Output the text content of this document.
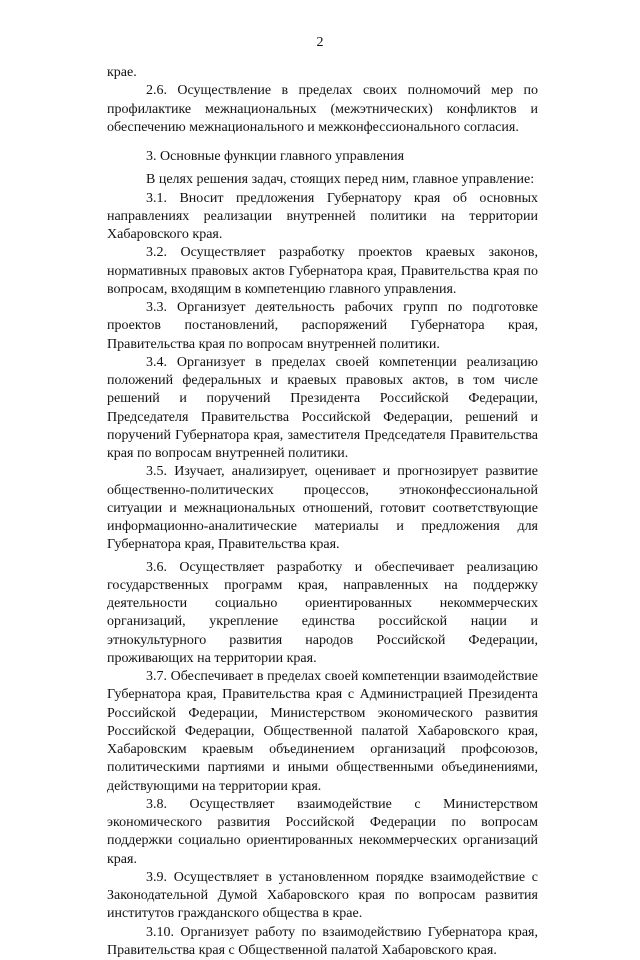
2

крае.

2.6. Осуществление в пределах своих полномочий мер по профилактике межнациональных (межэтнических) конфликтов и обеспечению межнационального и межконфессионального согласия.

3. Основные функции главного управления

В целях решения задач, стоящих перед ним, главное управление:

3.1. Вносит предложения Губернатору края об основных направлениях реализации внутренней политики на территории Хабаровского края.

3.2. Осуществляет разработку проектов краевых законов, нормативных правовых актов Губернатора края, Правительства края по вопросам, входящим в компетенцию главного управления.

3.3. Организует деятельность рабочих групп по подготовке проектов постановлений, распоряжений Губернатора края, Правительства края по вопросам внутренней политики.

3.4. Организует в пределах своей компетенции реализацию положений федеральных и краевых правовых актов, в том числе решений и поручений Президента Российской Федерации, Председателя Правительства Российской Федерации, решений и поручений Губернатора края, заместителя Председателя Правительства края по вопросам внутренней политики.

3.5. Изучает, анализирует, оценивает и прогнозирует развитие общественно-политических процессов, этноконфессиональной ситуации и межнациональных отношений, готовит соответствующие информационно-аналитические материалы и предложения для Губернатора края, Правительства края.

3.6. Осуществляет разработку и обеспечивает реализацию государственных программ края, направленных на поддержку деятельности социально ориентированных некоммерческих организаций, укрепление единства российской нации и этнокультурного развития народов Российской Федерации, проживающих на территории края.

3.7. Обеспечивает в пределах своей компетенции взаимодействие Губернатора края, Правительства края с Администрацией Президента Российской Федерации, Министерством экономического развития Российской Федерации, Общественной палатой Хабаровского края, Хабаровским краевым объединением организаций профсоюзов, политическими партиями и иными общественными объединениями, действующими на территории края.

3.8. Осуществляет взаимодействие с Министерством экономического развития Российской Федерации по вопросам поддержки социально ориентированных некоммерческих организаций края.

3.9. Осуществляет в установленном порядке взаимодействие с Законодательной Думой Хабаровского края по вопросам развития институтов гражданского общества в крае.

3.10. Организует работу по взаимодействию Губернатора края, Правительства края с Общественной палатой Хабаровского края.
